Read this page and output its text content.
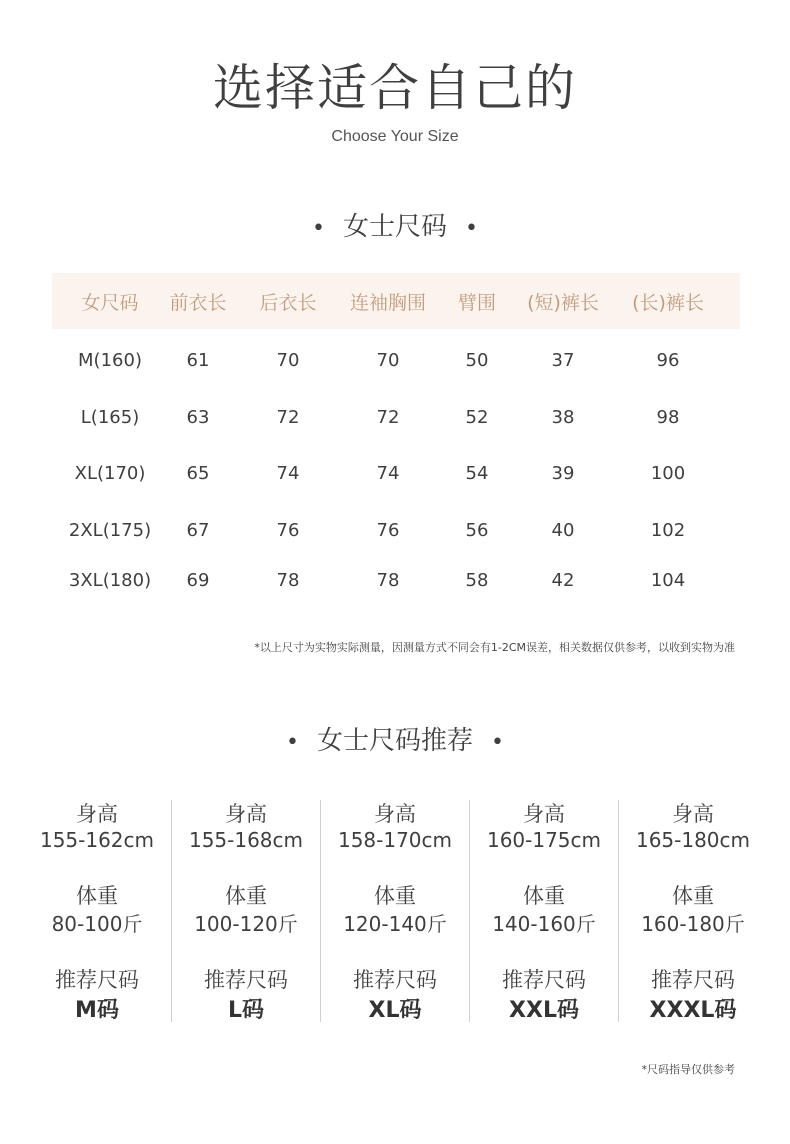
选择适合自己的
Choose Your Size
• 女士尺码 •
女尺码 前衣长 后衣长 连袖胸围 臂围 (短)裤长 (长)裤长
M(160) 61	70	70	50	37	96
L(165)	63	72	72	52	38	98
XL(170) 65	74	74	54	39	100
2XL(175) 67	76	76	56	40	102
3XL(180) 69	78	78	58	42	104
*以上尺寸为实物实际测量，因测量方式不同会有1-2CM误差，相关数据仅供参考，以收到实物为准
• 女士尺码推荐 •
身高
155-162cm
体重
80-100斤
推荐尺码
M码
身高
155-168cm
体重
100-120斤
推荐尺码
L码
身高
158-170cm
体重
120-140斤
推荐尺码
XL码
身高
160-175cm
体重
140-160斤
推荐尺码
XXL码
身高
165-180cm
体重
160-180斤
推荐尺码
XXXL码
*尺码指导仅供参考
